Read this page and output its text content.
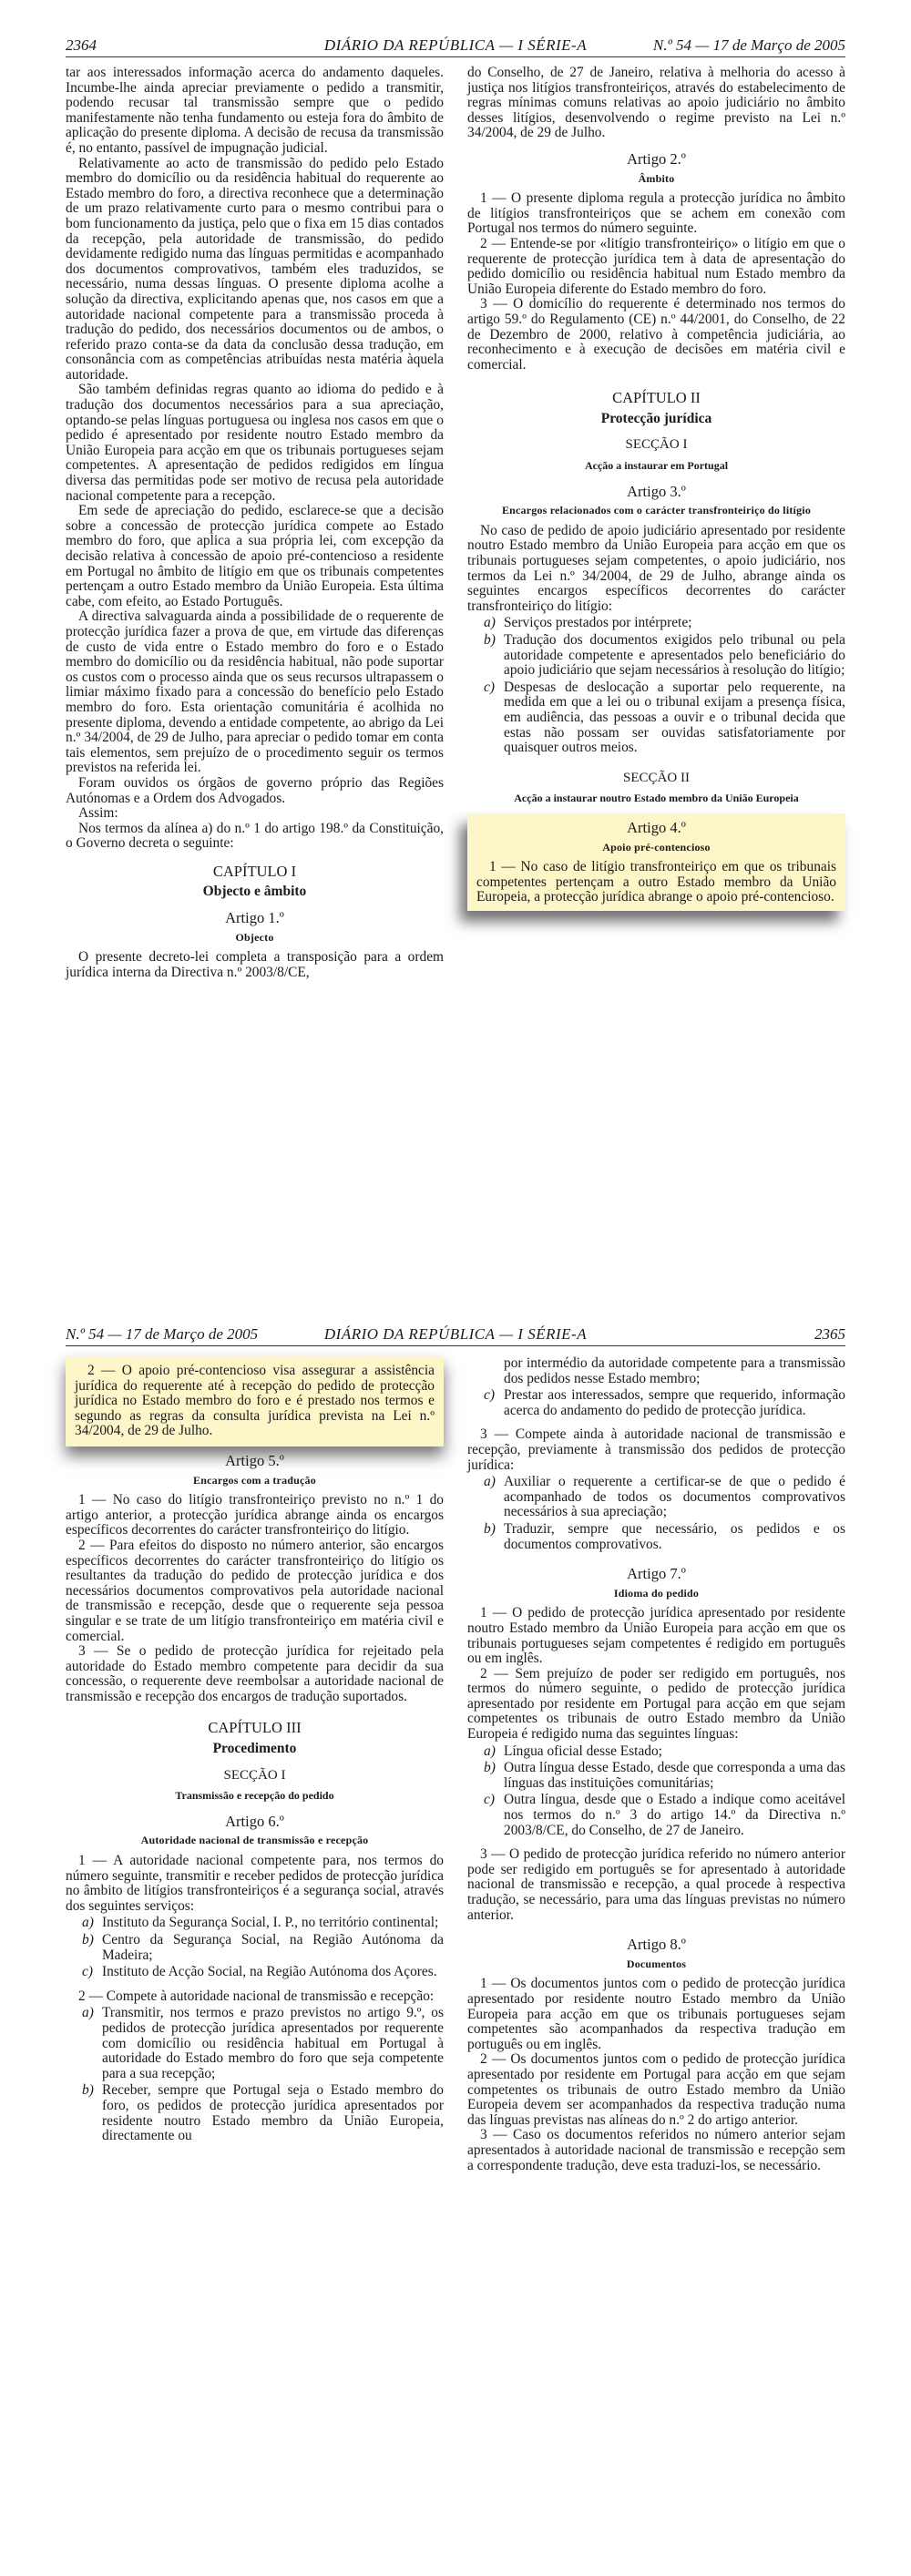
2364	DIÁRIO DA REPÚBLICA — I SÉRIE-A	N.º 54 — 17 de Março de 2005

tar aos interessados informação acerca do andamento daqueles. Incumbe-lhe ainda apreciar previamente o pedido a transmitir, podendo recusar tal transmissão sempre que o pedido manifestamente não tenha fundamento ou esteja fora do âmbito de aplicação do presente diploma. A decisão de recusa da transmissão é, no entanto, passível de impugnação judicial.

Relativamente ao acto de transmissão do pedido pelo Estado membro do domicílio ou da residência habitual do requerente ao Estado membro do foro, a directiva reconhece que a determinação de um prazo relativamente curto para o mesmo contribui para o bom funcionamento da justiça, pelo que o fixa em 15 dias contados da recepção, pela autoridade de transmissão, do pedido devidamente redigido numa das línguas permitidas e acompanhado dos documentos comprovativos, também eles traduzidos, se necessário, numa dessas línguas. O presente diploma acolhe a solução da directiva, explicitando apenas que, nos casos em que a autoridade nacional competente para a transmissão proceda à tradução do pedido, dos necessários documentos ou de ambos, o referido prazo conta-se da data da conclusão dessa tradução, em consonância com as competências atribuídas nesta matéria àquela autoridade.

São também definidas regras quanto ao idioma do pedido e à tradução dos documentos necessários para a sua apreciação, optando-se pelas línguas portuguesa ou inglesa nos casos em que o pedido é apresentado por residente noutro Estado membro da União Europeia para acção em que os tribunais portugueses sejam competentes. A apresentação de pedidos redigidos em língua diversa das permitidas pode ser motivo de recusa pela autoridade nacional competente para a recepção.

Em sede de apreciação do pedido, esclarece-se que a decisão sobre a concessão de protecção jurídica compete ao Estado membro do foro, que aplica a sua própria lei, com excepção da decisão relativa à concessão de apoio pré-contencioso a residente em Portugal no âmbito de litígio em que os tribunais competentes pertençam a outro Estado membro da União Europeia. Esta última cabe, com efeito, ao Estado Português.

A directiva salvaguarda ainda a possibilidade de o requerente de protecção jurídica fazer a prova de que, em virtude das diferenças de custo de vida entre o Estado membro do foro e o Estado membro do domicílio ou da residência habitual, não pode suportar os custos com o processo ainda que os seus recursos ultrapassem o limiar máximo fixado para a concessão do benefício pelo Estado membro do foro. Esta orientação comunitária é acolhida no presente diploma, devendo a entidade competente, ao abrigo da Lei n.º 34/2004, de 29 de Julho, para apreciar o pedido tomar em conta tais elementos, sem prejuízo de o procedimento seguir os termos previstos na referida lei.

Foram ouvidos os órgãos de governo próprio das Regiões Autónomas e a Ordem dos Advogados.

Assim:

Nos termos da alínea a) do n.º 1 do artigo 198.º da Constituição, o Governo decreta o seguinte:

CAPÍTULO I
Objecto e âmbito
Artigo 1.º
Objecto

O presente decreto-lei completa a transposição para a ordem jurídica interna da Directiva n.º 2003/8/CE,

do Conselho, de 27 de Janeiro, relativa à melhoria do acesso à justiça nos litígios transfronteiriços, através do estabelecimento de regras mínimas comuns relativas ao apoio judiciário no âmbito desses litígios, desenvolvendo o regime previsto na Lei n.º 34/2004, de 29 de Julho.

Artigo 2.º
Âmbito

1 — O presente diploma regula a protecção jurídica no âmbito de litígios transfronteiriços que se achem em conexão com Portugal nos termos do número seguinte.

2 — Entende-se por «litígio transfronteiriço» o litígio em que o requerente de protecção jurídica tem à data de apresentação do pedido domicílio ou residência habitual num Estado membro da União Europeia diferente do Estado membro do foro.

3 — O domicílio do requerente é determinado nos termos do artigo 59.º do Regulamento (CE) n.º 44/2001, do Conselho, de 22 de Dezembro de 2000, relativo à competência judiciária, ao reconhecimento e à execução de decisões em matéria civil e comercial.

CAPÍTULO II
Protecção jurídica
SECÇÃO I
Acção a instaurar em Portugal
Artigo 3.º
Encargos relacionados com o carácter transfronteiriço do litígio

No caso de pedido de apoio judiciário apresentado por residente noutro Estado membro da União Europeia para acção em que os tribunais portugueses sejam competentes, o apoio judiciário, nos termos da Lei n.º 34/2004, de 29 de Julho, abrange ainda os seguintes encargos específicos decorrentes do carácter transfronteiriço do litígio:

a) Serviços prestados por intérprete;
b) Tradução dos documentos exigidos pelo tribunal ou pela autoridade competente e apresentados pelo beneficiário do apoio judiciário que sejam necessários à resolução do litígio;
c) Despesas de deslocação a suportar pelo requerente, na medida em que a lei ou o tribunal exijam a presença física, em audiência, das pessoas a ouvir e o tribunal decida que estas não possam ser ouvidas satisfatoriamente por quaisquer outros meios.
SECÇÃO II
Acção a instaurar noutro Estado membro da União Europeia
Artigo 4.º
Apoio pré-contencioso

1 — No caso de litígio transfronteiriço em que os tribunais competentes pertençam a outro Estado membro da União Europeia, a protecção jurídica abrange o apoio pré-contencioso.

N.º 54 — 17 de Março de 2005	DIÁRIO DA REPÚBLICA — I SÉRIE-A	2365

2 — O apoio pré-contencioso visa assegurar a assistência jurídica do requerente até à recepção do pedido de protecção jurídica no Estado membro do foro e é prestado nos termos e segundo as regras da consulta jurídica prevista na Lei n.º 34/2004, de 29 de Julho.

Artigo 5.º
Encargos com a tradução

1 — No caso do litígio transfronteiriço previsto no n.º 1 do artigo anterior, a protecção jurídica abrange ainda os encargos específicos decorrentes do carácter transfronteiriço do litígio.

2 — Para efeitos do disposto no número anterior, são encargos específicos decorrentes do carácter transfronteiriço do litígio os resultantes da tradução do pedido de protecção jurídica e dos necessários documentos comprovativos pela autoridade nacional de transmissão e recepção, desde que o requerente seja pessoa singular e se trate de um litígio transfronteiriço em matéria civil e comercial.

3 — Se o pedido de protecção jurídica for rejeitado pela autoridade do Estado membro competente para decidir da sua concessão, o requerente deve reembolsar a autoridade nacional de transmissão e recepção dos encargos de tradução suportados.

CAPÍTULO III
Procedimento
SECÇÃO I
Transmissão e recepção do pedido
Artigo 6.º
Autoridade nacional de transmissão e recepção

1 — A autoridade nacional competente para, nos termos do número seguinte, transmitir e receber pedidos de protecção jurídica no âmbito de litígios transfronteiriços é a segurança social, através dos seguintes serviços:

a) Instituto da Segurança Social, I. P., no território continental;
b) Centro da Segurança Social, na Região Autónoma da Madeira;
c) Instituto de Acção Social, na Região Autónoma dos Açores.

2 — Compete à autoridade nacional de transmissão e recepção:

a) Transmitir, nos termos e prazo previstos no artigo 9.º, os pedidos de protecção jurídica apresentados por requerente com domicílio ou residência habitual em Portugal à autoridade do Estado membro do foro que seja competente para a sua recepção;
b) Receber, sempre que Portugal seja o Estado membro do foro, os pedidos de protecção jurídica apresentados por residente noutro Estado membro da União Europeia, directamente ou
por intermédio da autoridade competente para a transmissão dos pedidos nesse Estado membro;
c) Prestar aos interessados, sempre que requerido, informação acerca do andamento do pedido de protecção jurídica.

3 — Compete ainda à autoridade nacional de transmissão e recepção, previamente à transmissão dos pedidos de protecção jurídica:

a) Auxiliar o requerente a certificar-se de que o pedido é acompanhado de todos os documentos comprovativos necessários à sua apreciação;
b) Traduzir, sempre que necessário, os pedidos e os documentos comprovativos.
Artigo 7.º
Idioma do pedido

1 — O pedido de protecção jurídica apresentado por residente noutro Estado membro da União Europeia para acção em que os tribunais portugueses sejam competentes é redigido em português ou em inglês.

2 — Sem prejuízo de poder ser redigido em português, nos termos do número seguinte, o pedido de protecção jurídica apresentado por residente em Portugal para acção em que sejam competentes os tribunais de outro Estado membro da União Europeia é redigido numa das seguintes línguas:

a) Língua oficial desse Estado;
b) Outra língua desse Estado, desde que corresponda a uma das línguas das instituições comunitárias;
c) Outra língua, desde que o Estado a indique como aceitável nos termos do n.º 3 do artigo 14.º da Directiva n.º 2003/8/CE, do Conselho, de 27 de Janeiro.

3 — O pedido de protecção jurídica referido no número anterior pode ser redigido em português se for apresentado à autoridade nacional de transmissão e recepção, a qual procede à respectiva tradução, se necessário, para uma das línguas previstas no número anterior.

Artigo 8.º
Documentos

1 — Os documentos juntos com o pedido de protecção jurídica apresentado por residente noutro Estado membro da União Europeia para acção em que os tribunais portugueses sejam competentes são acompanhados da respectiva tradução em português ou em inglês.

2 — Os documentos juntos com o pedido de protecção jurídica apresentado por residente em Portugal para acção em que sejam competentes os tribunais de outro Estado membro da União Europeia devem ser acompanhados da respectiva tradução numa das línguas previstas nas alíneas do n.º 2 do artigo anterior.

3 — Caso os documentos referidos no número anterior sejam apresentados à autoridade nacional de transmissão e recepção sem a correspondente tradução, deve esta traduzi-los, se necessário.
